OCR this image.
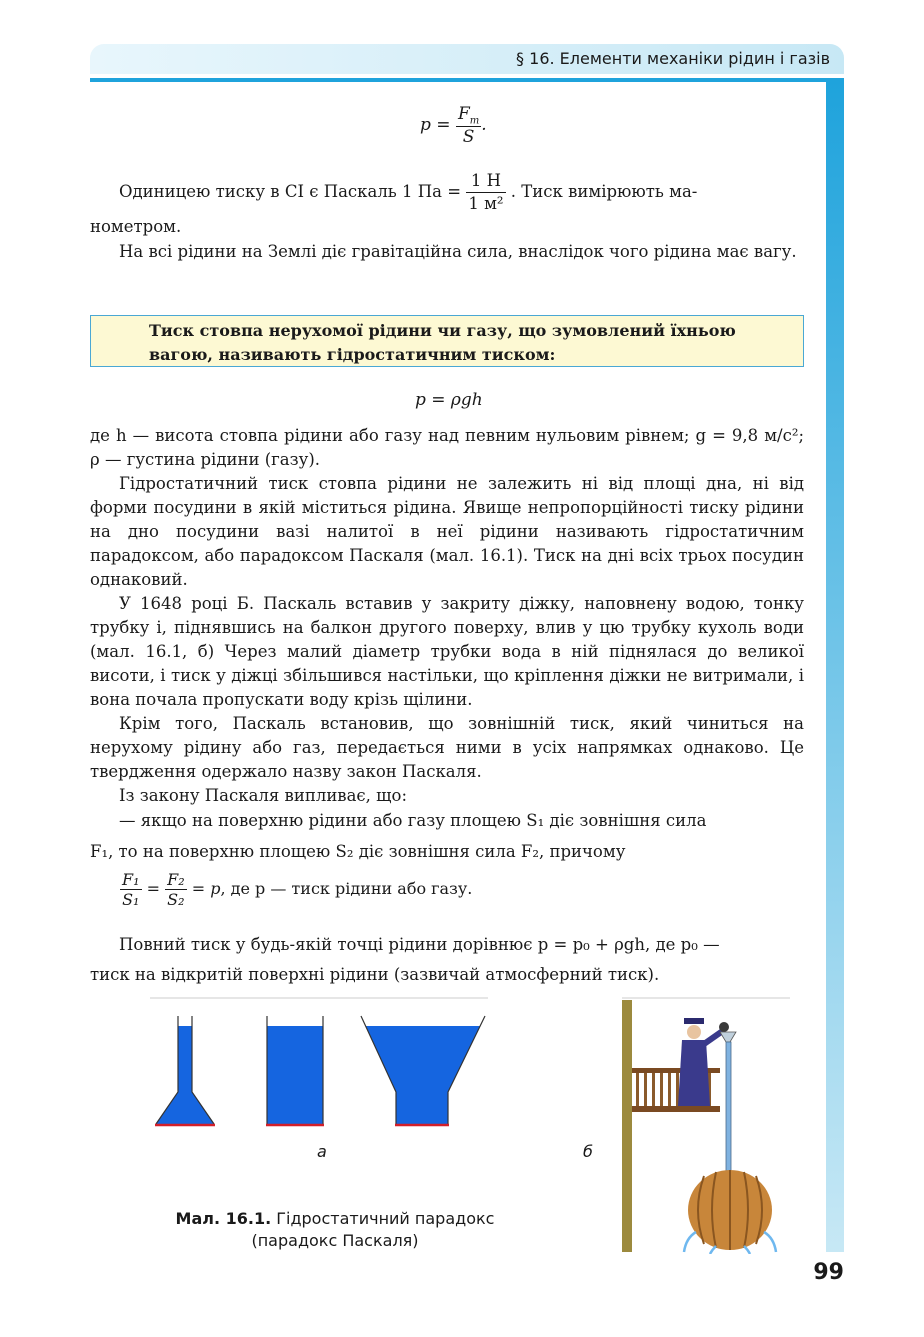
§ 16. Елементи механіки рідин і газів
$p = \frac{F_т}{S}$ .
Одиницею тиску в СІ є Паскаль 1 Па = $\frac{1 Н}{\text{1 м²}}$ . Тиск вимірюють ма-
нометром.
На всі рідини на Землі діє гравітаційна сила, внаслідок чого рідина має вагу.

Тиск стовпа нерухомої рідини чи газу, що зумовлений їхньою вагою, називають гідростатичним тиском:

p = ρgh
де h — висота стовпа рідини або газу над певним нульовим рівнем; g = 9,8 м/с²; ρ — густина рідини (газу).
Гідростатичний тиск стовпа рідини не залежить ні від площі дна, ні від форми посудини в якій міститься рідина. Явище непропорційності тиску рідини на дно посудини вазі налитої в неї рідини називають гідростатичним парадоксом, або парадоксом Паскаля (мал. 16.1). Тиск на дні всіх трьох посудин однаковий.
У 1648 році Б. Паскаль вставив у закриту діжку, наповнену водою, тонку трубку і, піднявшись на балкон другого поверху, влив у цю трубку кухоль води (мал. 16.1, б) Через малий діаметр трубки вода в ній піднялася до великої висоти, і тиск у діжці збільшився настільки, що кріплення діжки не витримали, і вона почала пропускати воду крізь щілини.
Крім того, Паскаль встановив, що зовнішній тиск, який чиниться на нерухому рідину або газ, передається ними в усіх напрямках однаково. Це твердження одержало назву закон Паскаля.
Із закону Паскаля випливає, що:
— якщо на поверхню рідини або газу площею S₁ діє зовнішня сила
F₁, то на поверхню площею S₂ діє зовнішня сила F₂, причому
$\frac{\text{F₁}}{\text{S₁}} = \frac{\text{F₂}}{\text{S₂}} = p$, де p — тиск рідини або газу.
Повний тиск у будь-якій точці рідини дорівнює p = p₀ + ρgh, де p₀ —
тиск на відкритій поверхні рідини (зазвичай атмосферний тиск).
а	б
Мал. 16.1. Гідростатичний парадокс
(парадокс Паскаля)
99
